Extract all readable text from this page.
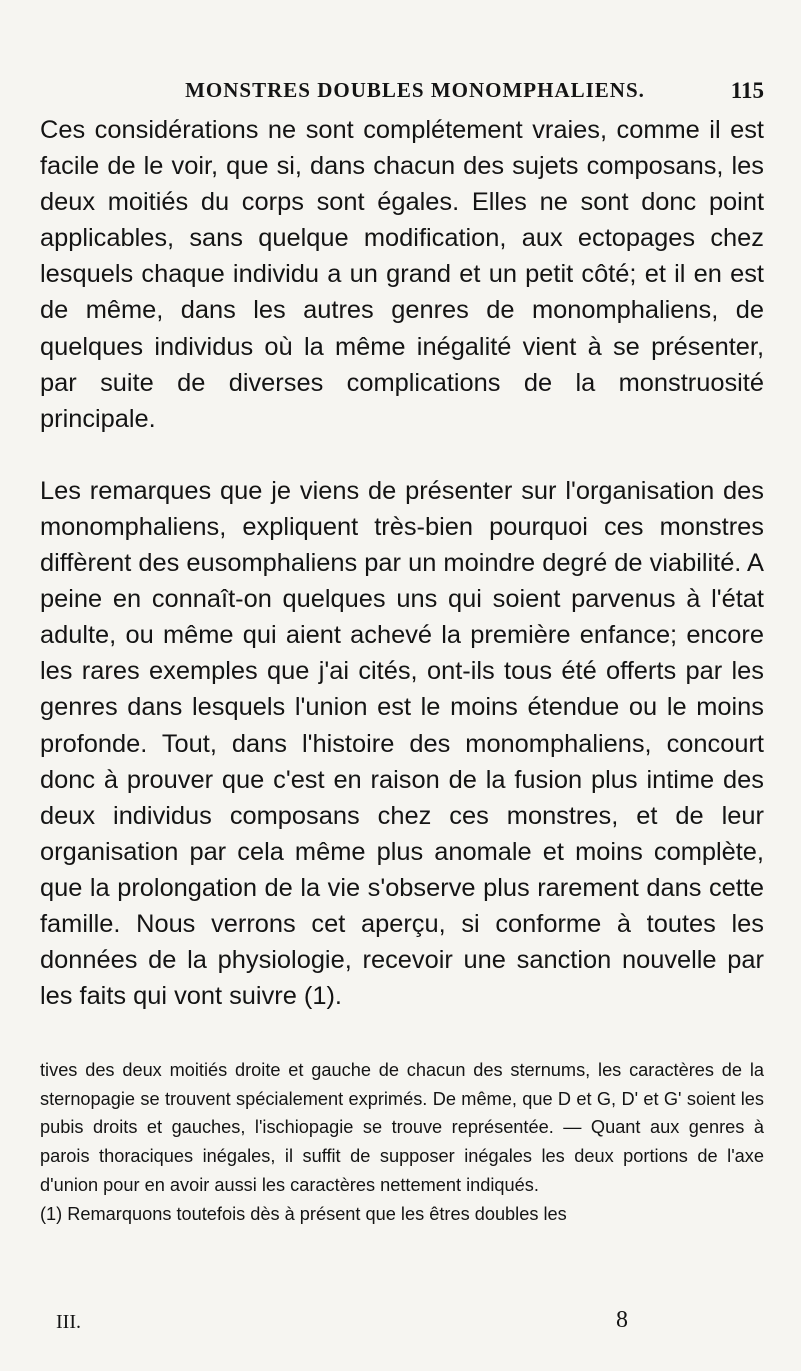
MONSTRES DOUBLES MONOMPHALIENS.	115

Ces considérations ne sont complétement vraies, comme il est facile de le voir, que si, dans chacun des sujets composans, les deux moitiés du corps sont égales. Elles ne sont donc point applicables, sans quelque modification, aux ectopages chez lesquels chaque individu a un grand et un petit côté; et il en est de même, dans les autres genres de monomphaliens, de quelques individus où la même inégalité vient à se présenter, par suite de diverses complications de la monstruosité principale.

Les remarques que je viens de présenter sur l'organisation des monomphaliens, expliquent très-bien pourquoi ces monstres diffèrent des eusomphaliens par un moindre degré de viabilité. A peine en connaît-on quelques uns qui soient parvenus à l'état adulte, ou même qui aient achevé la première enfance; encore les rares exemples que j'ai cités, ont-ils tous été offerts par les genres dans lesquels l'union est le moins étendue ou le moins profonde. Tout, dans l'histoire des monomphaliens, concourt donc à prouver que c'est en raison de la fusion plus intime des deux individus composans chez ces monstres, et de leur organisation par cela même plus anomale et moins complète, que la prolongation de la vie s'observe plus rarement dans cette famille. Nous verrons cet aperçu, si conforme à toutes les données de la physiologie, recevoir une sanction nouvelle par les faits qui vont suivre (1).

tives des deux moitiés droite et gauche de chacun des sternums, les caractères de la sternopagie se trouvent spécialement exprimés. De même, que D et G, D' et G' soient les pubis droits et gauches, l'ischiopagie se trouve représentée. — Quant aux genres à parois thoraciques inégales, il suffit de supposer inégales les deux portions de l'axe d'union pour en avoir aussi les caractères nettement indiqués.

(1) Remarquons toutefois dès à présent que les êtres doubles les

III.	8
